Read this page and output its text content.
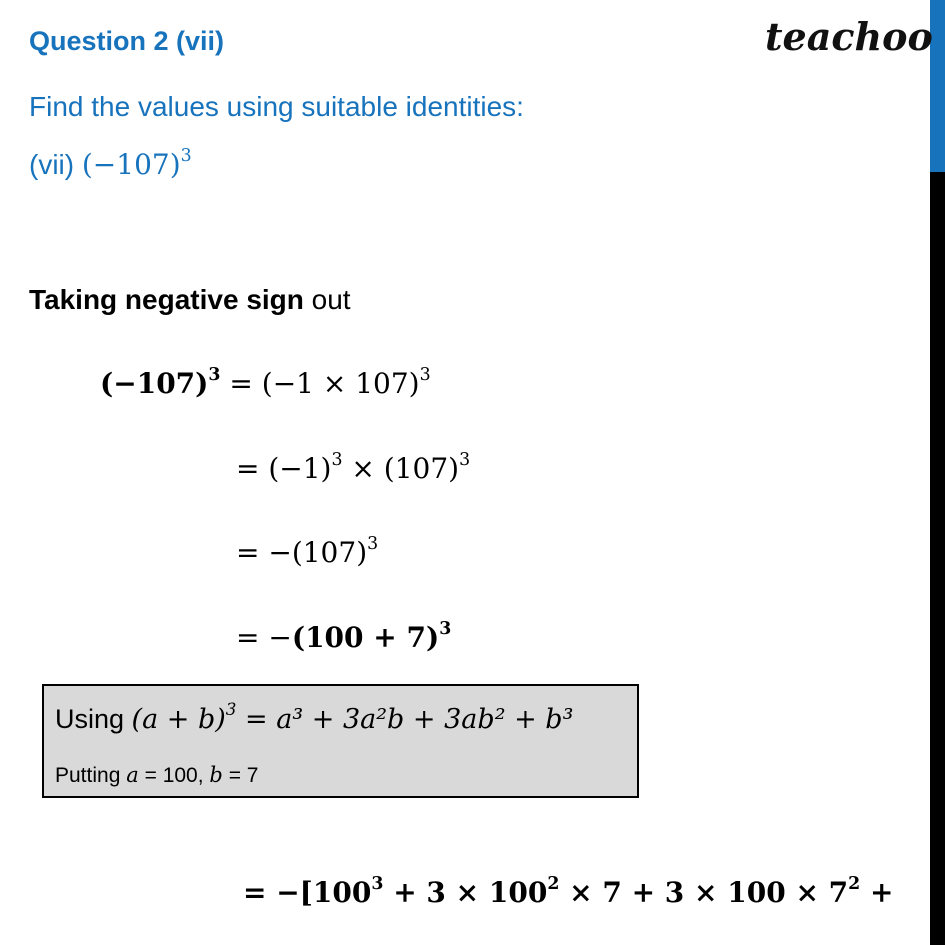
Question 2 (vii)	teachoo
Find the values using suitable identities:
(vii) $(-107)^3$
Taking negative sign out
$(-107)^3 = (-1 \times 107)^3$
= $(-1)^3 \times (107)^3$
= $-(107)^3$
= $-(100 + 7)^3$
Using $(a + b)^3 = a^3 + 3a^2b + 3ab^2 + b^3$
Putting a = 100, b = 7
= $-[100^3 + 3 \times 100^2 \times 7 + 3 \times 100 \times 7^2$ +
